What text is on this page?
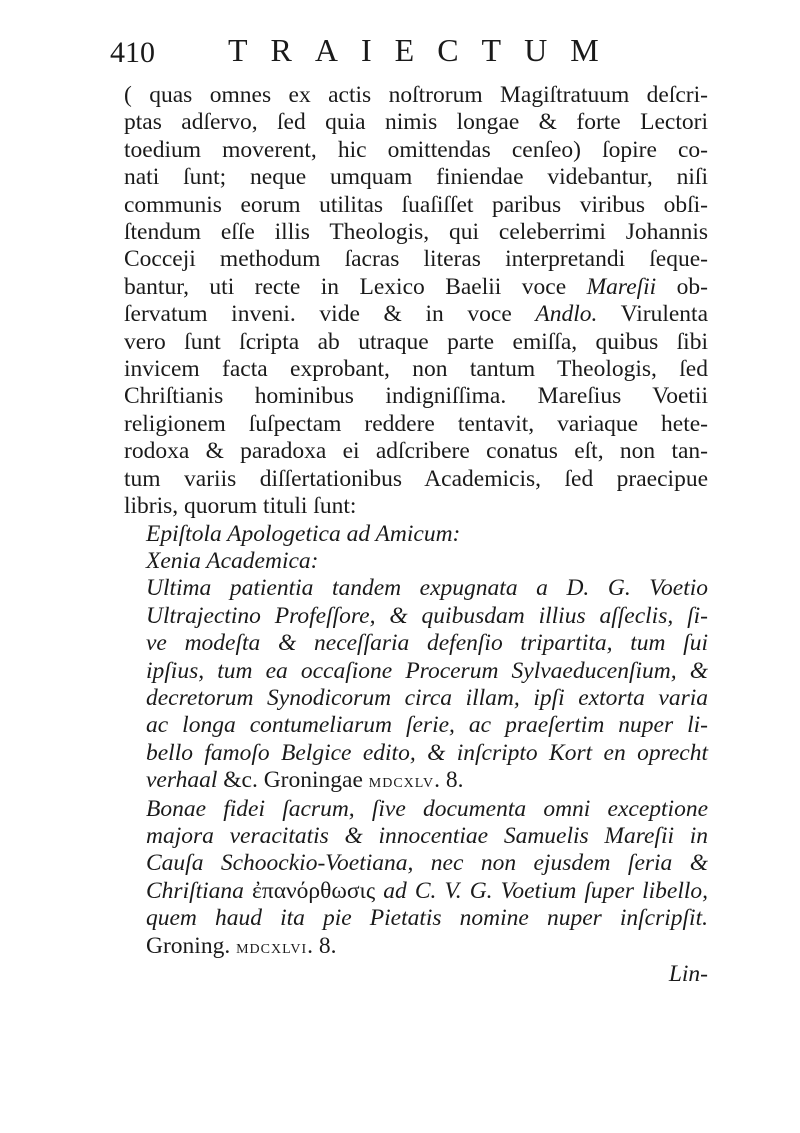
410 TRAIECTUM
( quas omnes ex actis noſtrorum Magiſtratuum deſcri-
ptas adſervo, ſed quia nimis longae & forte Lectori
toedium moverent, hic omittendas cenſeo) ſopire co-
nati ſunt; neque umquam finiendae videbantur, niſi
communis eorum utilitas ſuaſiſſet paribus viribus obſi-
ſtendum eſſe illis Theologis, qui celeberrimi Johannis
Cocceji methodum ſacras literas interpretandi ſeque-
bantur, uti recte in Lexico Baelii voce Mareſii ob-
ſervatum inveni. vide & in voce Andlo. Virulenta
vero ſunt ſcripta ab utraque parte emiſſa, quibus ſibi
invicem facta exprobant, non tantum Theologis, ſed
Chriſtianis hominibus indigniſſima. Mareſius Voetii
religionem ſuſpectam reddere tentavit, variaque hete-
rodoxa & paradoxa ei adſcribere conatus eſt, non tan-
tum variis diſſertationibus Academicis, ſed praecipue
libris, quorum tituli ſunt:
Epiſtola Apologetica ad Amicum:
Xenia Academica:
Ultima patientia tandem expugnata a D. G. Voetio
Ultrajectino Profeſſore, & quibusdam illius aſſeclis, ſi-
ve modeſta & neceſſaria defenſio tripartita, tum ſui
ipſius, tum ea occaſione Procerum Sylvaeducenſium, &
decretorum Synodicorum circa illam, ipſi extorta varia
ac longa contumeliarum ſerie, ac praeſertim nuper li-
bello famoſo Belgice edito, & inſcripto Kort en oprecht
verhaal &c. Groningae mdcxlv. 8.
Bonae fidei ſacrum, ſive documenta omni exceptione
majora veracitatis & innocentiae Samuelis Mareſii in
Cauſa Schoockio-Voetiana, nec non ejusdem ſeria &
Chriſtiana ἐπανόρθωσις ad C. V. G. Voetium ſuper libello,
quem haud ita pie Pietatis nomine nuper inſcripſit.
Groning. mdcxlvi. 8.
Lin-
